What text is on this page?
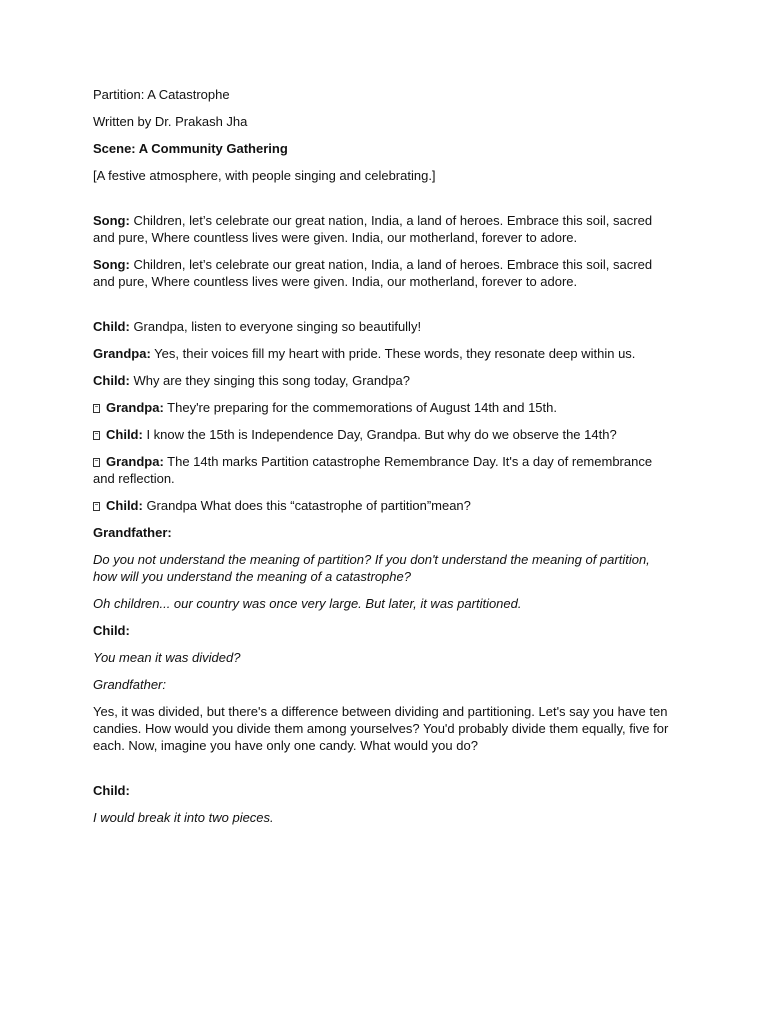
Partition: A Catastrophe

Written by Dr. Prakash Jha

Scene: A Community Gathering

[A festive atmosphere, with people singing and celebrating.]

Song: Children, let’s celebrate our great nation, India, a land of heroes. Embrace this soil, sacred and pure, Where countless lives were given. India, our motherland, forever to adore.

Song: Children, let’s celebrate our great nation, India, a land of heroes. Embrace this soil, sacred and pure, Where countless lives were given. India, our motherland, forever to adore.

Child: Grandpa, listen to everyone singing so beautifully!

Grandpa: Yes, their voices fill my heart with pride. These words, they resonate deep within us.

Child: Why are they singing this song today, Grandpa?

Grandpa: They're preparing for the commemorations of August 14th and 15th.

Child: I know the 15th is Independence Day, Grandpa. But why do we observe the 14th?

Grandpa: The 14th marks Partition catastrophe Remembrance Day. It's a day of remembrance and reflection.

Child: Grandpa What does this “catastrophe of partition”mean?

Grandfather:

Do you not understand the meaning of partition? If you don't understand the meaning of partition, how will you understand the meaning of a catastrophe?

Oh children... our country was once very large. But later, it was partitioned.

Child:

You mean it was divided?

Grandfather:

Yes, it was divided, but there's a difference between dividing and partitioning. Let's say you have ten candies. How would you divide them among yourselves? You'd probably divide them equally, five for each. Now, imagine you have only one candy. What would you do?

Child:

I would break it into two pieces.
